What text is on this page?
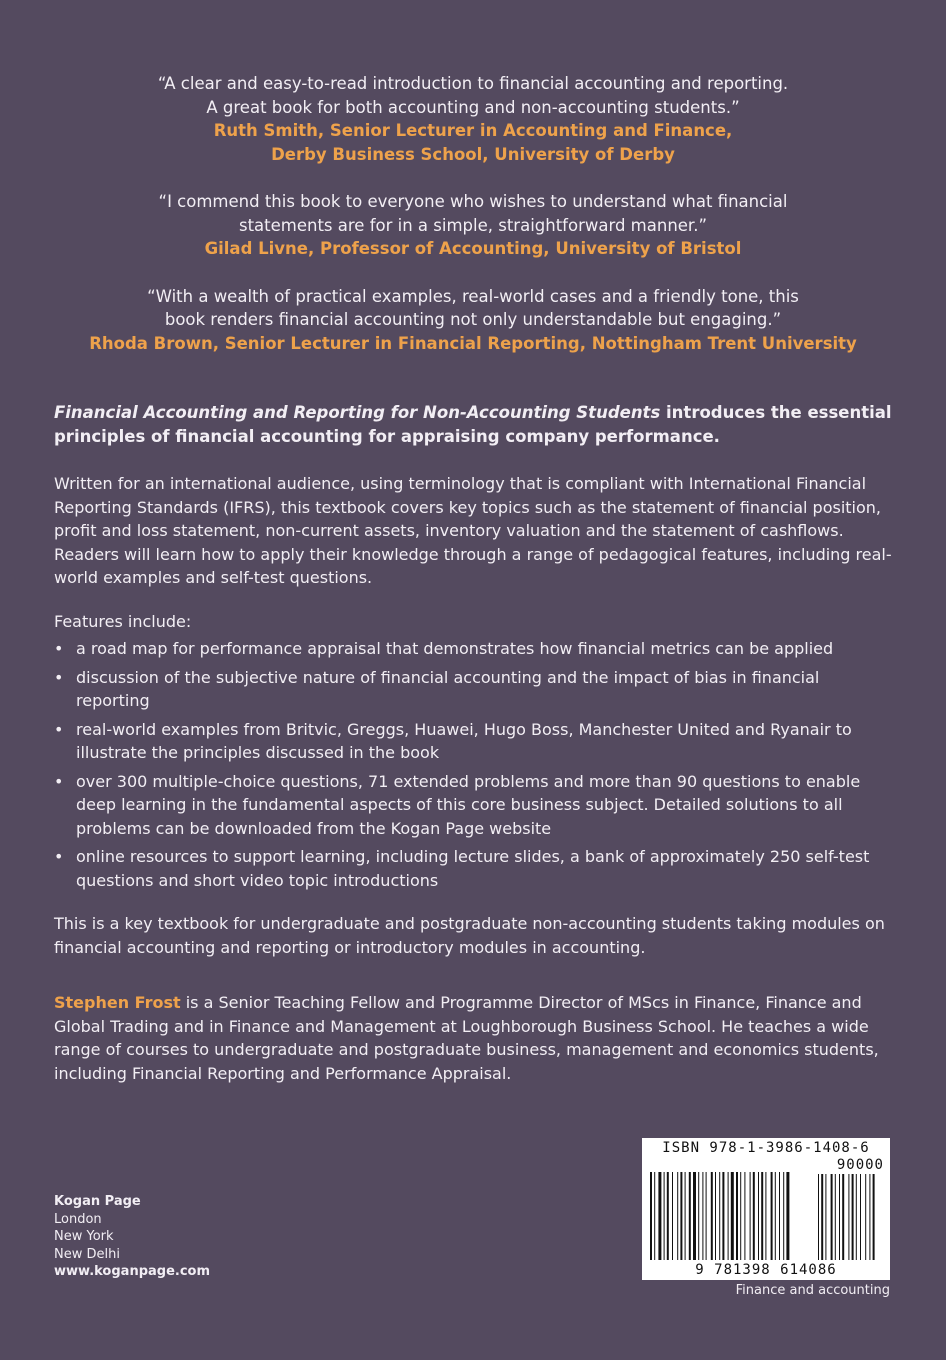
“A clear and easy-to-read introduction to financial accounting and reporting.
A great book for both accounting and non-accounting students.”
Ruth Smith, Senior Lecturer in Accounting and Finance,
Derby Business School, University of Derby
“I commend this book to everyone who wishes to understand what financial
statements are for in a simple, straightforward manner.”
Gilad Livne, Professor of Accounting, University of Bristol
“With a wealth of practical examples, real-world cases and a friendly tone, this
book renders financial accounting not only understandable but engaging.”
Rhoda Brown, Senior Lecturer in Financial Reporting, Nottingham Trent University

Financial Accounting and Reporting for Non-Accounting Students introduces the essential principles of financial accounting for appraising company performance.

Written for an international audience, using terminology that is compliant with International Financial Reporting Standards (IFRS), this textbook covers key topics such as the statement of financial position, profit and loss statement, non-current assets, inventory valuation and the statement of cashflows. Readers will learn how to apply their knowledge through a range of pedagogical features, including real-world examples and self-test questions.

Features include:

• a road map for performance appraisal that demonstrates how financial metrics can be applied
• discussion of the subjective nature of financial accounting and the impact of bias in financial reporting
• real-world examples from Britvic, Greggs, Huawei, Hugo Boss, Manchester United and Ryanair to illustrate the principles discussed in the book
• over 300 multiple-choice questions, 71 extended problems and more than 90 questions to enable deep learning in the fundamental aspects of this core business subject. Detailed solutions to all problems can be downloaded from the Kogan Page website
• online resources to support learning, including lecture slides, a bank of approximately 250 self-test questions and short video topic introductions

This is a key textbook for undergraduate and postgraduate non-accounting students taking modules on financial accounting and reporting or introductory modules in accounting.

Stephen Frost is a Senior Teaching Fellow and Programme Director of MScs in Finance, Finance and Global Trading and in Finance and Management at Loughborough Business School. He teaches a wide range of courses to undergraduate and postgraduate business, management and economics students, including Financial Reporting and Performance Appraisal.

Kogan Page
London
New York
New Delhi
www.koganpage.com
ISBN 978-1-3986-1408-6
90000
9 781398 614086
Finance and accounting
